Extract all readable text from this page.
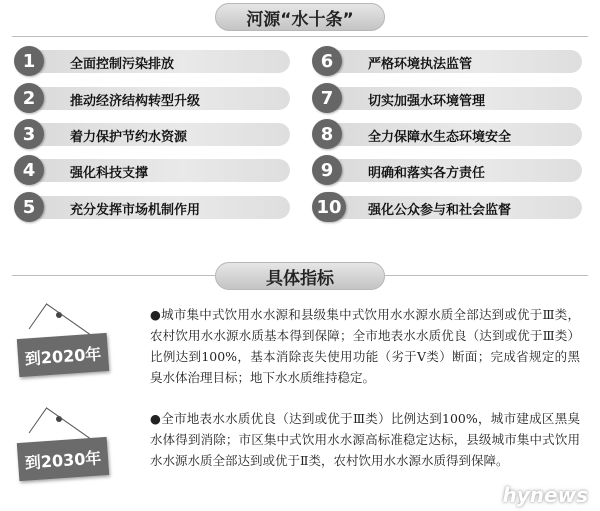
河源“水十条”
1	全面控制污染排放
2	推动经济结构转型升级
3	着力保护节约水资源
4	强化科技支撑
5	充分发挥市场机制作用
6	严格环境执法监管
7	切实加强水环境管理
8	全力保障水生态环境安全
9	明确和落实各方责任
10	强化公众参与和社会监督
具体指标
到2020年
●城市集中式饮用水水源和县级集中式饮用水水源水质全部达到或优于Ⅲ类，农村饮用水水源水质基本得到保障；全市地表水水质优良（达到或优于Ⅲ类）比例达到100%，基本消除丧失使用功能（劣于Ⅴ类）断面；完成省规定的黑臭水体治理目标；地下水水质维持稳定。
到2030年
●全市地表水水质优良（达到或优于Ⅲ类）比例达到100%，城市建成区黑臭水体得到消除；市区集中式饮用水水源高标准稳定达标，县级城市集中式饮用水水源水质全部达到或优于Ⅱ类，农村饮用水水源水质得到保障。
hynews
